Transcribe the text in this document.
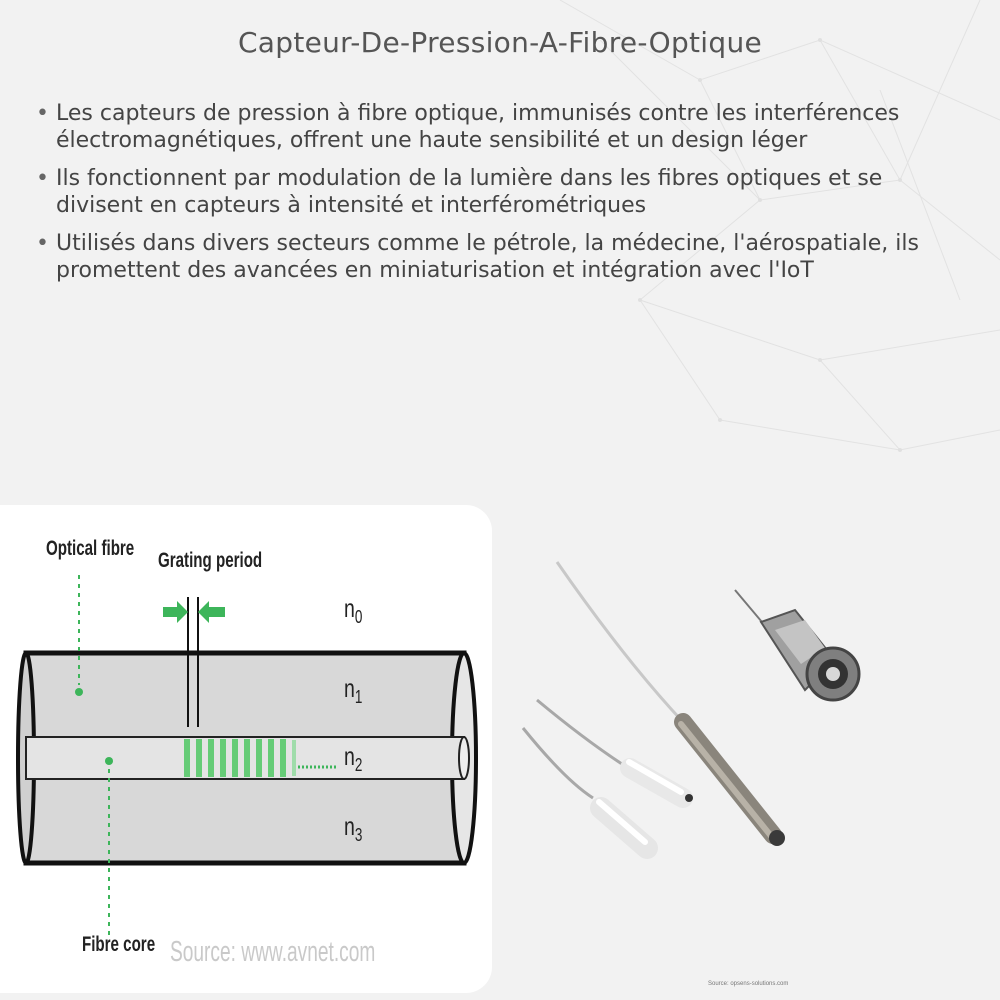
Capteur-De-Pression-A-Fibre-Optique
• Les capteurs de pression à fibre optique, immunisés contre les interférences électromagnétiques, offrent une haute sensibilité et un design léger
• Ils fonctionnent par modulation de la lumière dans les fibres optiques et se divisent en capteurs à intensité et interférométriques
• Utilisés dans divers secteurs comme le pétrole, la médecine, l'aérospatiale, ils promettent des avancées en miniaturisation et intégration avec l'IoT
Optical fibre
Grating period
Fibre core
$n_0$
$n_1$
$n_2$
$n_3$
Source: www.avnet.com
Source: opsens-solutions.com
